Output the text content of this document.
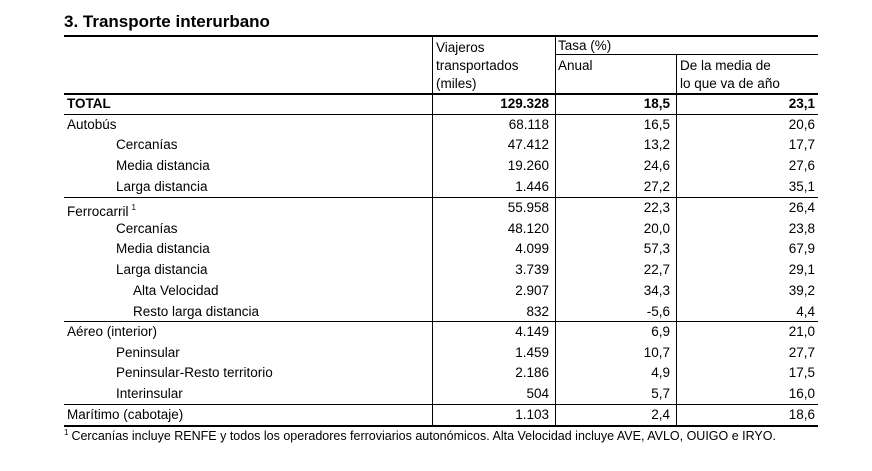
3. Transporte interurbano
Viajeros
transportados
(miles)
Tasa (%)
Anual	De la media de
lo que va de año
TOTAL	129.328	18,5	23,1
Autobús	68.118	16,5	20,6
Cercanías	47.412	13,2	17,7
Media distancia	19.260	24,6	27,6
Larga distancia	1.446	27,2	35,1
Ferrocarril $^1$	55.958	22,3	26,4
Cercanías	48.120	20,0	23,8
Media distancia	4.099	57,3	67,9
Larga distancia	3.739	22,7	29,1
Alta Velocidad	2.907	34,3	39,2
Resto larga distancia	832	-5,6	4,4
Aéreo (interior)	4.149	6,9	21,0
Peninsular	1.459	10,7	27,7
Peninsular-Resto territorio	2.186	4,9	17,5
Interinsular	504	5,7	16,0
Marítimo (cabotaje)	1.103	2,4	18,6
$^1$ Cercanías incluye RENFE y todos los operadores ferroviarios autonómicos. Alta Velocidad incluye AVE, AVLO, OUIGO e IRYO.
